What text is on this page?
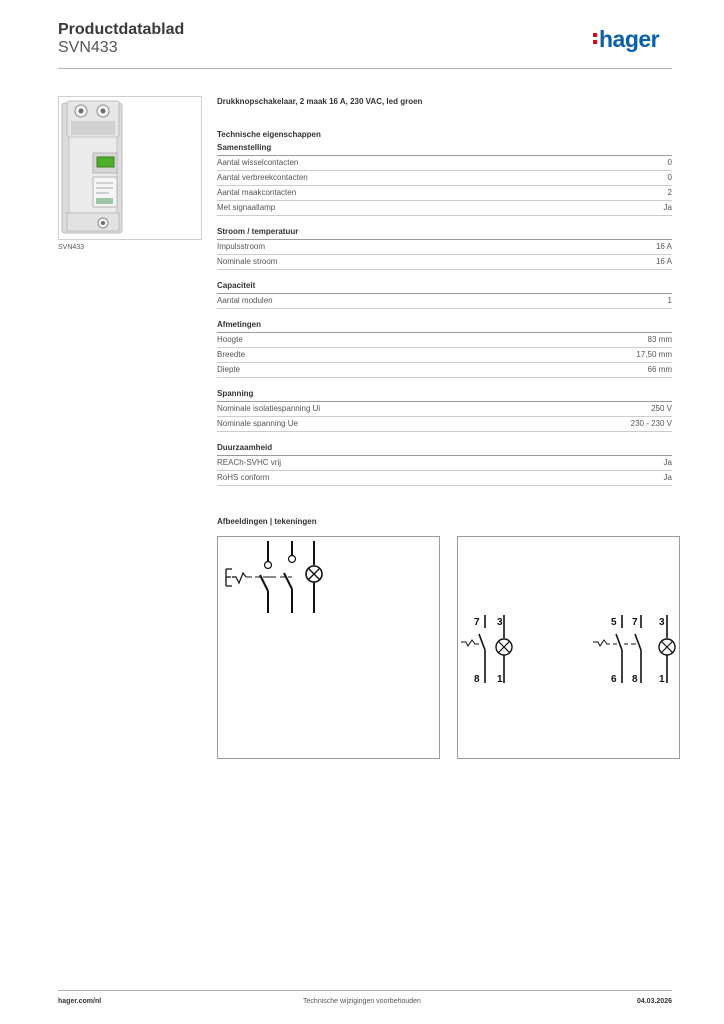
Productdatablad
SVN433	hager
SVN433
Drukknopschakelaar, 2 maak 16 A, 230 VAC, led groen
Technische eigenschappen
Samenstelling
Aantal wisselcontacten	0
Aantal verbreekcontacten	0
Aantal maakcontacten	2
Met signaallamp	Ja
Stroom / temperatuur
Impulsstroom	16 A
Nominale stroom	16 A
Capaciteit
Aantal modulen	1
Afmetingen
Hoogte	83 mm
Breedte	17,50 mm
Diepte	66 mm
Spanning
Nominale isolatiespanning Ui	250 V
Nominale spanning Ue	230 - 230 V
Duurzaamheid
REACh-SVHC vrij	Ja
RoHS conform	Ja
Afbeeldingen | tekeningen
7 3
8 1
5 7 3
6 8 1
Technische wijzigingen voorbehouden
hager.com/nl	04.03.2026
